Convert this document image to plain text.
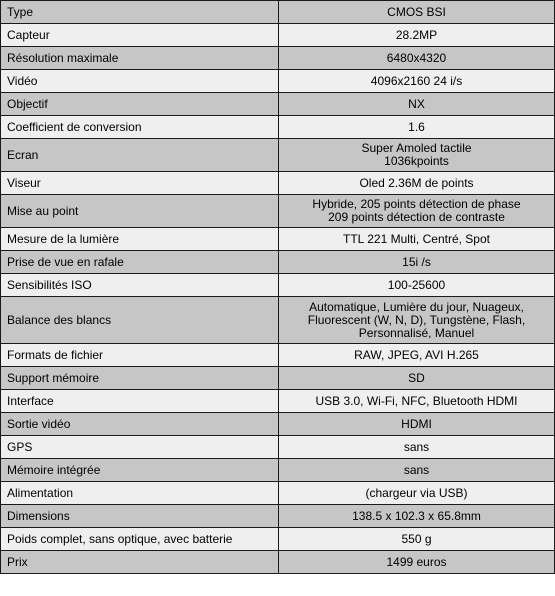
Type	CMOS BSI

Capteur	28.2MP

Résolution maximale	6480x4320

Vidéo	4096x2160 24 i/s

Objectif	NX

Coefficient de conversion	1.6

Ecran	Super Amoled tactile
1036kpoints

Viseur	Oled 2.36M de points

Mise au point	Hybride, 205 points détection de phase
209 points détection de contraste

Mesure de la lumière	TTL 221 Multi, Centré, Spot

Prise de vue en rafale	15i /s

Sensibilités ISO	100-25600

Balance des blancs	Automatique, Lumière du jour, Nuageux,
Fluorescent (W, N, D), Tungstène, Flash,
Personnalisé, Manuel

Formats de fichier	RAW, JPEG, AVI H.265

Support mémoire	SD

Interface	USB 3.0, Wi-Fi, NFC, Bluetooth HDMI

Sortie vidéo	HDMI

GPS	sans

Mémoire intégrée	sans

Alimentation	(chargeur via USB)

Dimensions	138.5 x 102.3 x 65.8mm

Poids complet, sans optique, avec batterie	550 g

Prix	1499 euros
